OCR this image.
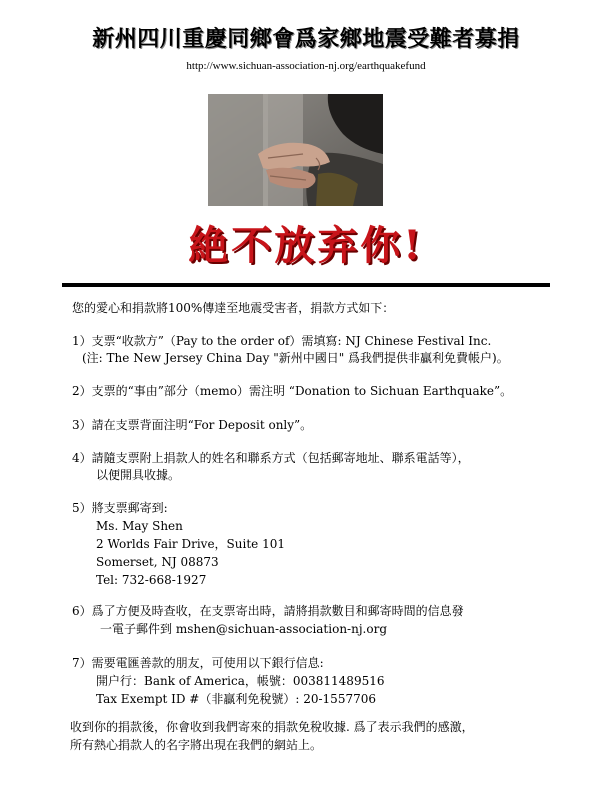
新州四川重慶同鄉會爲家鄉地震受難者募捐
http://www.sichuan-association-nj.org/earthquakefund
絶不放弃你!
您的愛心和捐款將100%傳達至地震受害者，捐款方式如下：
1）支票“收款方”（Pay to the order of）需填寫: NJ Chinese Festival Inc.
(注: The New Jersey China Day "新州中國日" 爲我們提供非贏利免費帳户)。
2）支票的“事由”部分（memo）需注明 “Donation to Sichuan Earthquake”。
3）請在支票背面注明“For Deposit only”。
4）請隨支票附上捐款人的姓名和聯系方式（包括郵寄地址、聯系電話等），
以便開具收據。
5）將支票郵寄到:
Ms. May Shen
2 Worlds Fair Drive，Suite 101
Somerset, NJ 08873
Tel: 732-668-1927
6）爲了方便及時查收，在支票寄出時，請將捐款數目和郵寄時間的信息發
一電子郵件到 mshen@sichuan-association-nj.org
7）需要電匯善款的朋友，可使用以下銀行信息:
開户行：Bank of America，帳號：003811489516
Tax Exempt ID #（非贏利免稅號）: 20-1557706
收到你的捐款後，你會收到我們寄來的捐款免稅收據. 爲了表示我們的感激，
所有熱心捐款人的名字將出現在我們的網站上。
